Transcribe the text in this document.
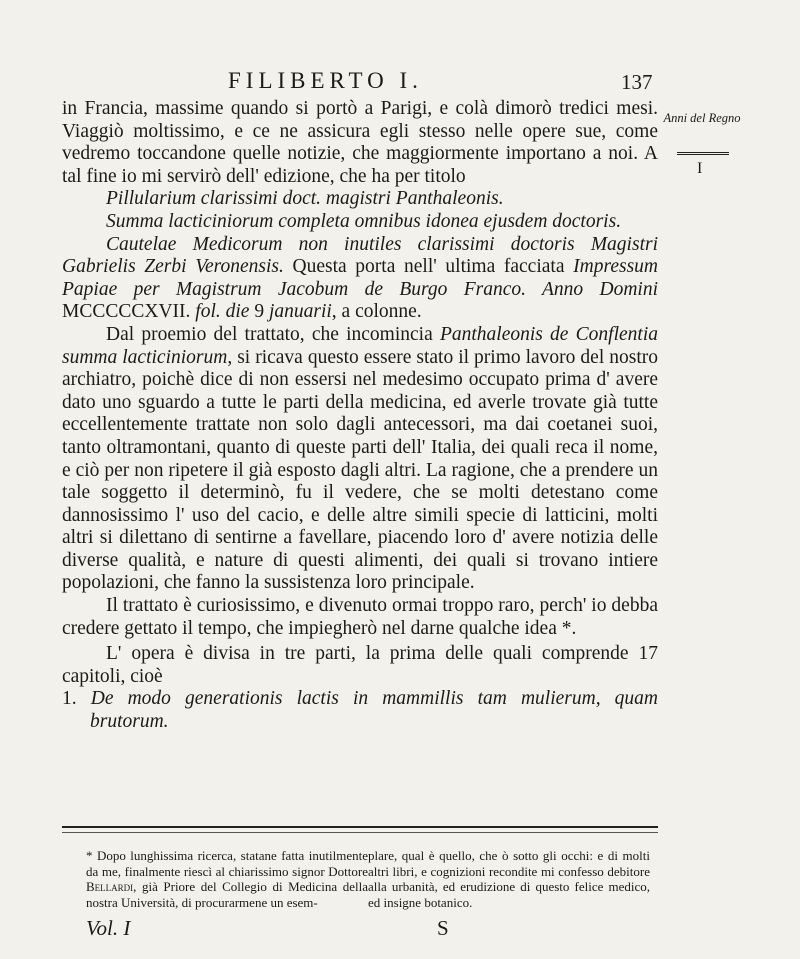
FILIBERTO I.	137
Anni del Regno
I

in Francia, massime quando si portò a Parigi, e colà dimorò tredici mesi. Viaggiò moltissimo, e ce ne assicura egli stesso nelle opere sue, come vedremo toccandone quelle notizie, che maggiormente importano a noi. A tal fine io mi servirò dell' edizione, che ha per titolo

Pillularium clarissimi doct. magistri Panthaleonis.

Summa lacticiniorum completa omnibus idonea ejusdem doctoris.

Cautelae Medicorum non inutiles clarissimi doctoris Magistri Gabrielis Zerbi Veronensis. Questa porta nell' ultima facciata Impressum Papiae per Magistrum Jacobum de Burgo Franco. Anno Domini MCCCCCXVII. fol. die 9 januarii, a colonne.

Dal proemio del trattato, che incomincia Panthaleonis de Conflentia summa lacticiniorum, si ricava questo essere stato il primo lavoro del nostro archiatro, poichè dice di non essersi nel medesimo occupato prima d' avere dato uno sguardo a tutte le parti della medicina, ed averle trovate già tutte eccellentemente trattate non solo dagli antecessori, ma dai coetanei suoi, tanto oltramontani, quanto di queste parti dell' Italia, dei quali reca il nome, e ciò per non ripetere il già esposto dagli altri. La ragione, che a prendere un tale soggetto il determinò, fu il vedere, che se molti detestano come dannosissimo l' uso del cacio, e delle altre simili specie di latticini, molti altri si dilettano di sentirne a favellare, piacendo loro d' avere notizia delle diverse qualità, e nature di questi alimenti, dei quali si trovano intiere popolazioni, che fanno la sussistenza loro principale.

Il trattato è curiosissimo, e divenuto ormai troppo raro, perch' io debba credere gettato il tempo, che impiegherò nel darne qualche idea *.

L' opera è divisa in tre parti, la prima delle quali comprende 17 capitoli, cioè

1. De modo generationis lactis in mammillis tam mulierum, quam brutorum.

* Dopo lunghissima ricerca, statane fatta inutilmente da me, finalmente riescì al chiarissimo signor Dottore Bellardi, già Priore del Collegio di Medicina della nostra Università, di procurarmene un esem-
plare, qual è quello, che ò sotto gli occhi: e di molti altri libri, e cognizioni recondite mi confesso debitore alla urbanità, ed erudizione di questo felice medico, ed insigne botanico.
Vol. I	S
